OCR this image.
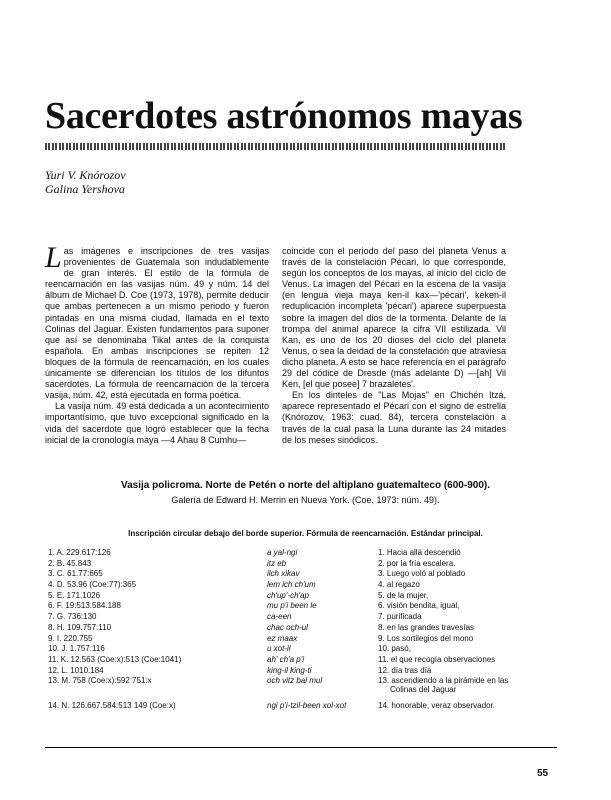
Sacerdotes astrónomos mayas
Yuri V. Knórozov
Galina Yershova

Las imágenes e inscripciones de tres vasijas provenientes de Guatemala son indudablemente de gran interés. El estilo de la fórmula de reencarnación en las vasijas núm. 49 y núm. 14 del álbum de Michael D. Coe (1973, 1978), permite deducir que ambas pertenecen a un mismo periodo y fueron pintadas en una misma ciudad, llamada en el texto Colinas del Jaguar. Existen fundamentos para suponer que así se denominaba Tikal antes de la conquista española. En ambas inscripciones se repiten 12 bloques de la fórmula de reencarnación, en los cuales únicamente se diferencian los títulos de los difuntos sacerdotes. La fórmula de reencarnación de la tercera vasija, núm. 42, está ejecutada en forma poética.

La vasija núm. 49 está dedicada a un acontecimiento importantísimo, que tuvo excepcional significado en la vida del sacerdote que logró establecer que la fecha inicial de la cronología maya —4 Ahau 8 Cumhu—

coincide con el periodo del paso del planeta Venus a través de la constelación Pécari, lo que corresponde, según los conceptos de los mayas, al inicio del ciclo de Venus. La imagen del Pécari en la escena de la vasija (en lengua vieja maya ken-il kax—'pécari', keken-il reduplicación incompleta 'pécari') aparece superpuesta sobre la imagen del dios de la tormenta. Delante de la trompa del animal aparece la cifra VII estilizada. Vil Kan, es uno de los 20 dioses del ciclo del planeta Venus, o sea la deidad de la constelación que atraviesa dicho planeta. A esto se hace referencia en el parágrafo 29 del códice de Dresde (más adelante D) —[ah] Vil Ken, [el que posee] 7 brazaletes'.

En los dinteles de "Las Mojas" en Chichén Itzá, aparece representado el Pécari con el signo de estrella (Knórozov, 1963: cuad. 84), tercera constelación a través de la cual pasa la Luna durante las 24 mitades de los meses sinódicos.

Vasija policroma. Norte de Petén o norte del altiplano guatemalteco (600-900).
Galería de Edward H. Merrin en Nueva York. (Coe, 1973: núm. 49).
Inscripción circular debajo del borde superior. Fórmula de reencarnación. Estándar principal.
1. A. 229.617:126	a yal-ngi	1. Hacia allá descendió
2. B. 45.843	itz eb	2. por la fría escalera.
3. C. 61.77:665	ilch xikav	3. Luego voló al poblado
4. D. 53.96 (Coe:77):365	lem ich ch'um	4. al regazo
5. E. 171.1026	ch'up'-ch'ap	5. de la mujer,
6. F. 19:513.584.188	mu p'i been le	6. visión bendita, igual,
7. G. 736:130	ca-een	7. purificada
8. H. 109.757:110	chac och-ul	8. en las grandes travesías
9. I. 220.755	ez maax	9. Los sortilegios del mono
10. J. 1.757:116	u xot-il	10. pasó,
11. K. 12.563 (Coe:x):513 (Coe:1041)	ah' ch'a p'i	11. el que recogía observaciones
12. L. 1010.184	king-il king-ti	12. día tras día
13. M. 758 (Coe:x):592 751:x	och vitz bal mul	13. ascendiendo a la pirámide en las
Colinas del Jaguar
14. N. 126.667.584:513 149 (Coe:x)	ngi p'i-tzil-been xol-xot	14. honorable, veraz observador.
55
